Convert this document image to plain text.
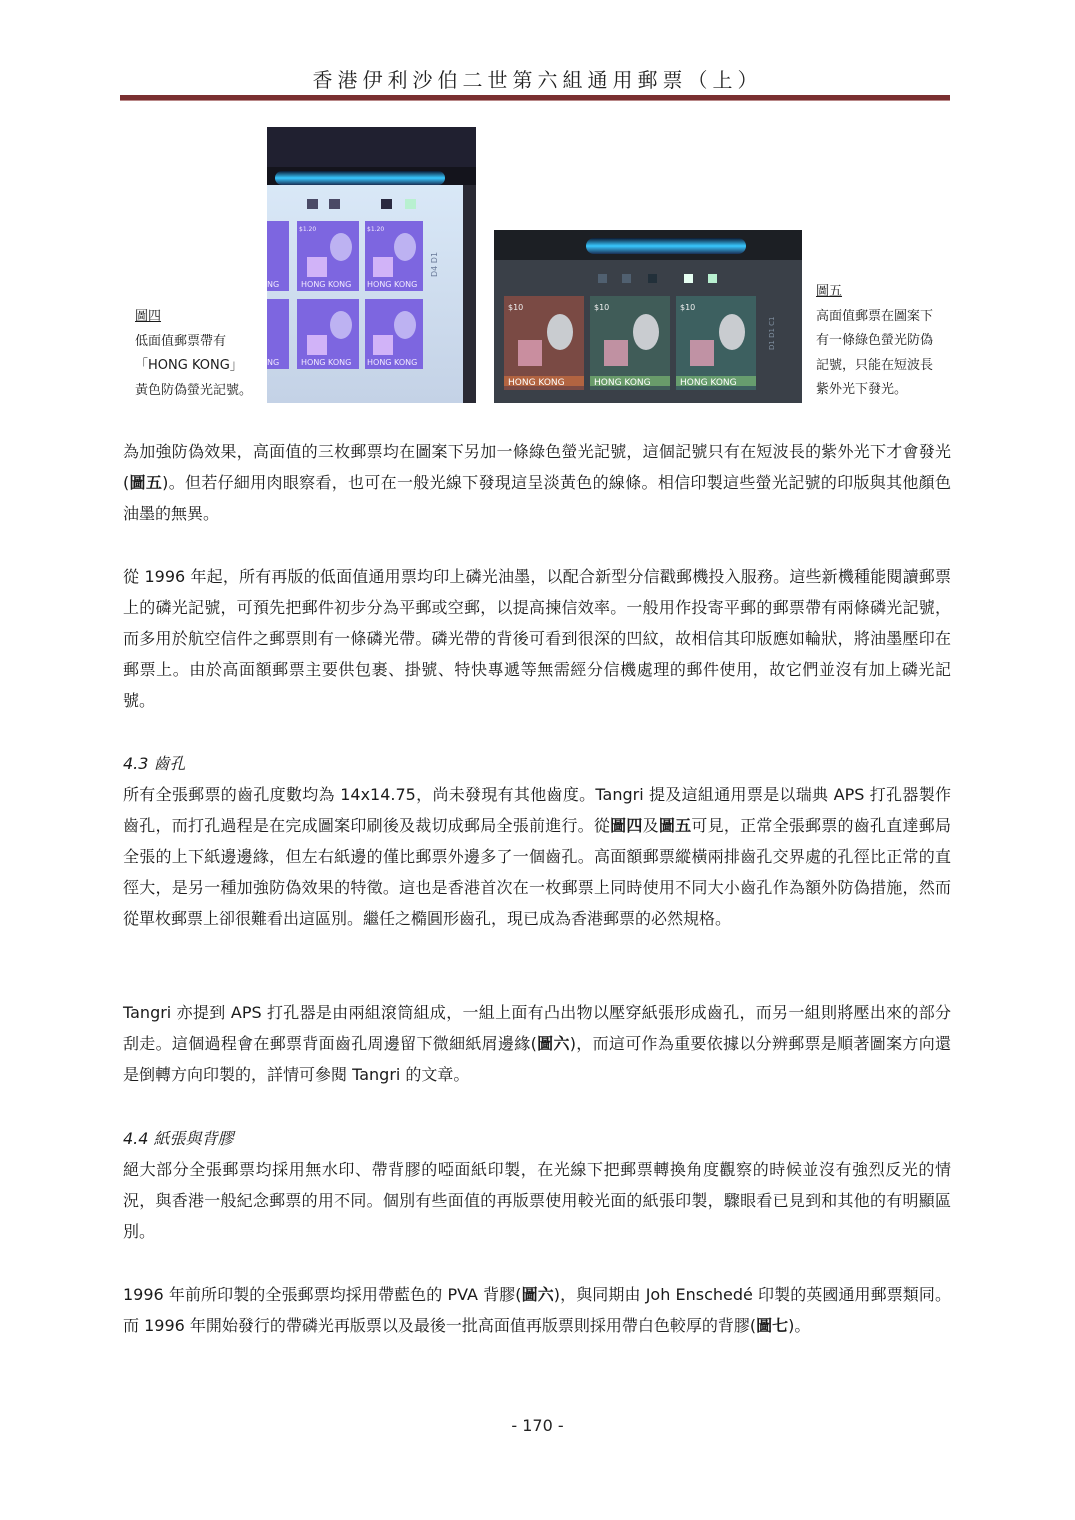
香港伊利沙伯二世第六組通用郵票（上）
$1.20	$1.20
HONG KONG HONG KONG
HONG KONG HONG KONG
NG
NG
D4 D1
圖四
低面值郵票帶有
「HONG KONG」
黃色防偽螢光記號。
$10	$10	$10
HONG KONG	HONG KONG	HONG KONG
D1 D1 C1
圖五
高面值郵票在圖案下
有一條綠色螢光防偽
記號，只能在短波長
紫外光下發光。

為加強防偽效果，高面值的三枚郵票均在圖案下另加一條綠色螢光記號，這個記號只有在短波長的紫外光下才會發光(圖五)。但若仔細用肉眼察看，也可在一般光線下發現這呈淡黃色的線條。相信印製這些螢光記號的印版與其他顏色油墨的無異。

從 1996 年起，所有再版的低面值通用票均印上磷光油墨，以配合新型分信戳郵機投入服務。這些新機種能閱讀郵票上的磷光記號，可預先把郵件初步分為平郵或空郵，以提高揀信效率。一般用作投寄平郵的郵票帶有兩條磷光記號，而多用於航空信件之郵票則有一條磷光帶。磷光帶的背後可看到很深的凹紋，故相信其印版應如輪狀，將油墨壓印在郵票上。由於高面額郵票主要供包裹、掛號、特快專遞等無需經分信機處理的郵件使用，故它們並沒有加上磷光記號。

4.3 齒孔

所有全張郵票的齒孔度數均為 14x14.75，尚未發現有其他齒度。Tangri 提及這組通用票是以瑞典 APS 打孔器製作齒孔，而打孔過程是在完成圖案印刷後及裁切成郵局全張前進行。從圖四及圖五可見，正常全張郵票的齒孔直達郵局全張的上下紙邊邊緣，但左右紙邊的僅比郵票外邊多了一個齒孔。高面額郵票縱橫兩排齒孔交界處的孔徑比正常的直徑大，是另一種加強防偽效果的特徵。這也是香港首次在一枚郵票上同時使用不同大小齒孔作為額外防偽措施，然而從單枚郵票上卻很難看出這區別。繼任之橢圓形齒孔，現已成為香港郵票的必然規格。

Tangri 亦提到 APS 打孔器是由兩組滾筒組成，一組上面有凸出物以壓穿紙張形成齒孔，而另一組則將壓出來的部分刮走。這個過程會在郵票背面齒孔周邊留下微細紙屑邊緣(圖六)，而這可作為重要依據以分辨郵票是順著圖案方向還是倒轉方向印製的，詳情可參閱 Tangri 的文章。

4.4 紙張與背膠

絕大部分全張郵票均採用無水印、帶背膠的啞面紙印製，在光線下把郵票轉換角度觀察的時候並沒有強烈反光的情況，與香港一般紀念郵票的用不同。個別有些面值的再版票使用較光面的紙張印製，驟眼看已見到和其他的有明顯區別。

1996 年前所印製的全張郵票均採用帶藍色的 PVA 背膠(圖六)，與同期由 Joh Enschedé 印製的英國通用郵票類同。而 1996 年開始發行的帶磷光再版票以及最後一批高面值再版票則採用帶白色較厚的背膠(圖七)。

- 170 -
